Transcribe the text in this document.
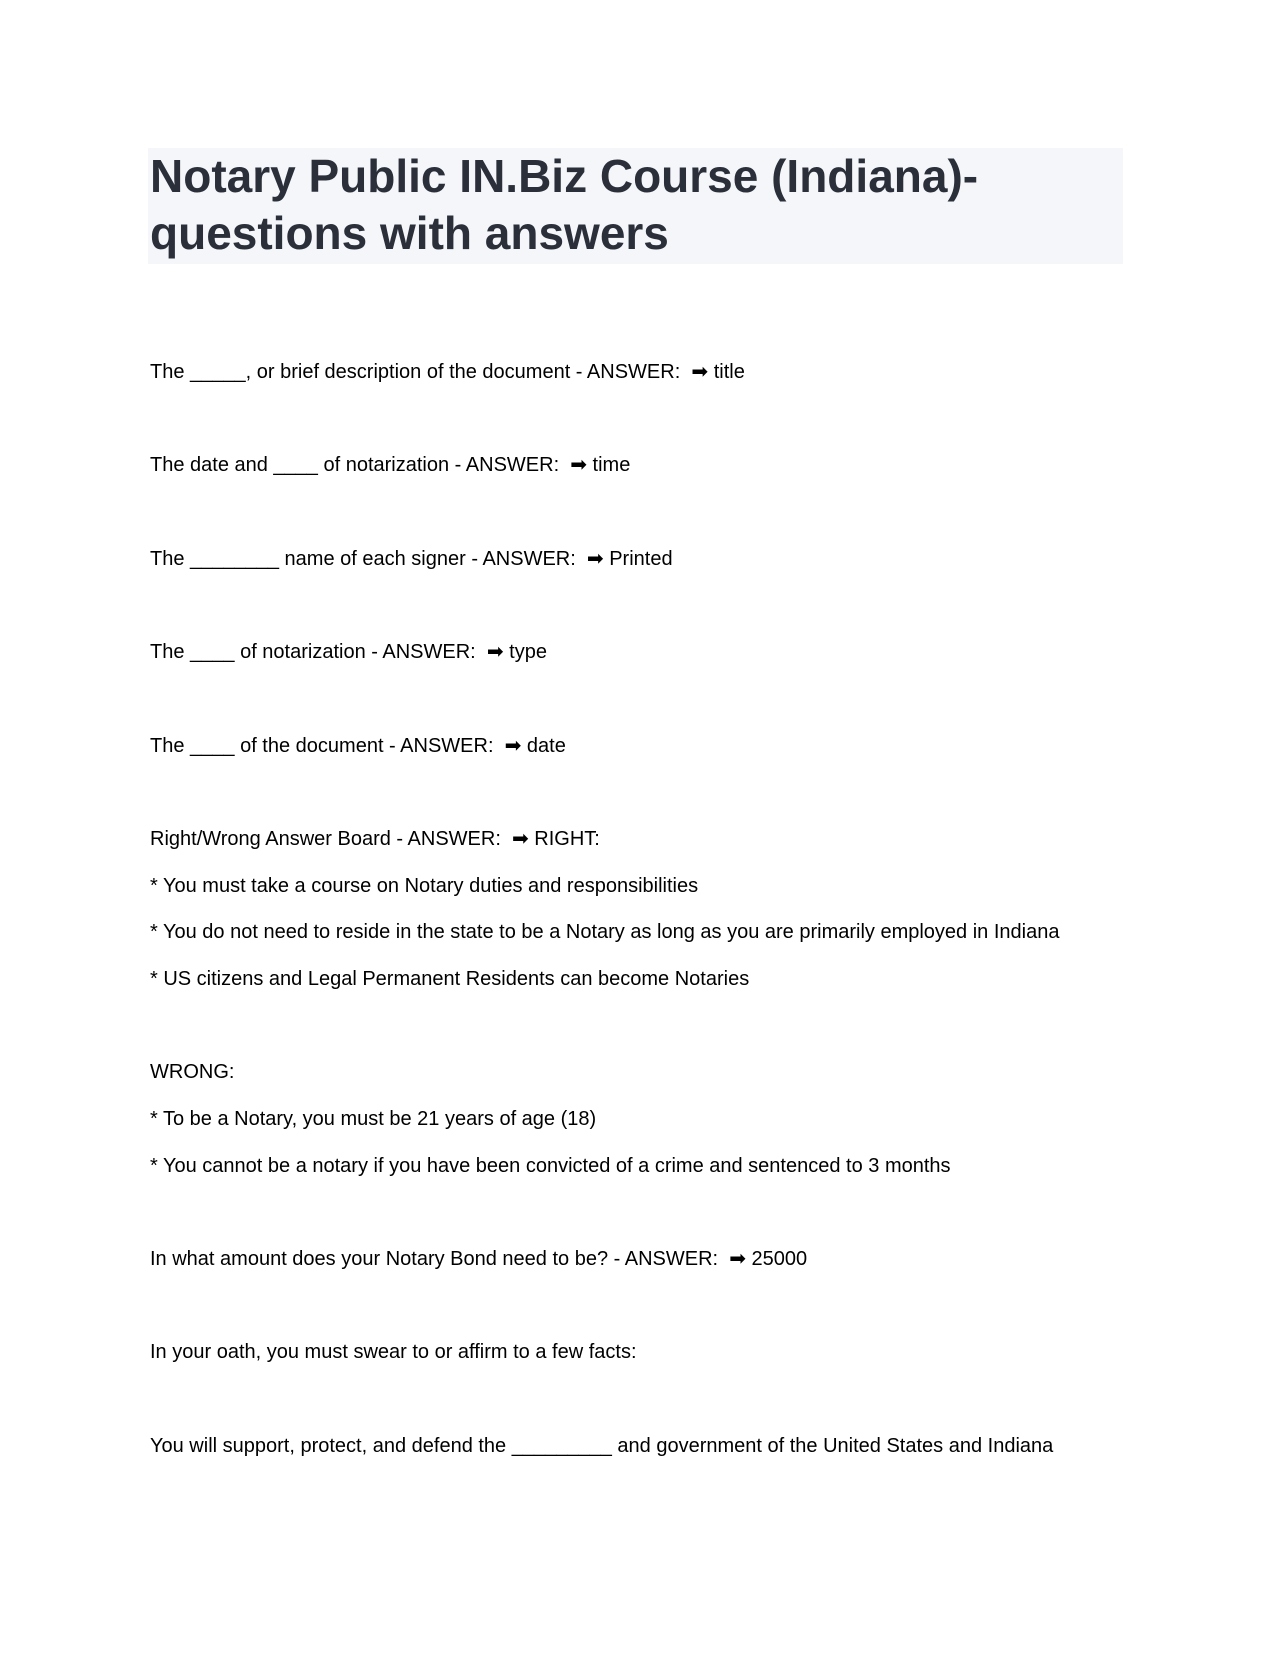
Notary Public IN.Biz Course (Indiana)- questions with answers
The _____, or brief description of the document - ANSWER:  ➡ title
The date and ____ of notarization - ANSWER:  ➡ time
The ________ name of each signer - ANSWER:  ➡ Printed
The ____ of notarization - ANSWER:  ➡ type
The ____ of the document - ANSWER:  ➡ date
Right/Wrong Answer Board - ANSWER:  ➡ RIGHT:
* You must take a course on Notary duties and responsibilities
* You do not need to reside in the state to be a Notary as long as you are primarily employed in Indiana
* US citizens and Legal Permanent Residents can become Notaries
WRONG:
* To be a Notary, you must be 21 years of age (18)
* You cannot be a notary if you have been convicted of a crime and sentenced to 3 months
In what amount does your Notary Bond need to be? - ANSWER:  ➡ 25000
In your oath, you must swear to or affirm to a few facts:
You will support, protect, and defend the _________ and government of the United States and Indiana
